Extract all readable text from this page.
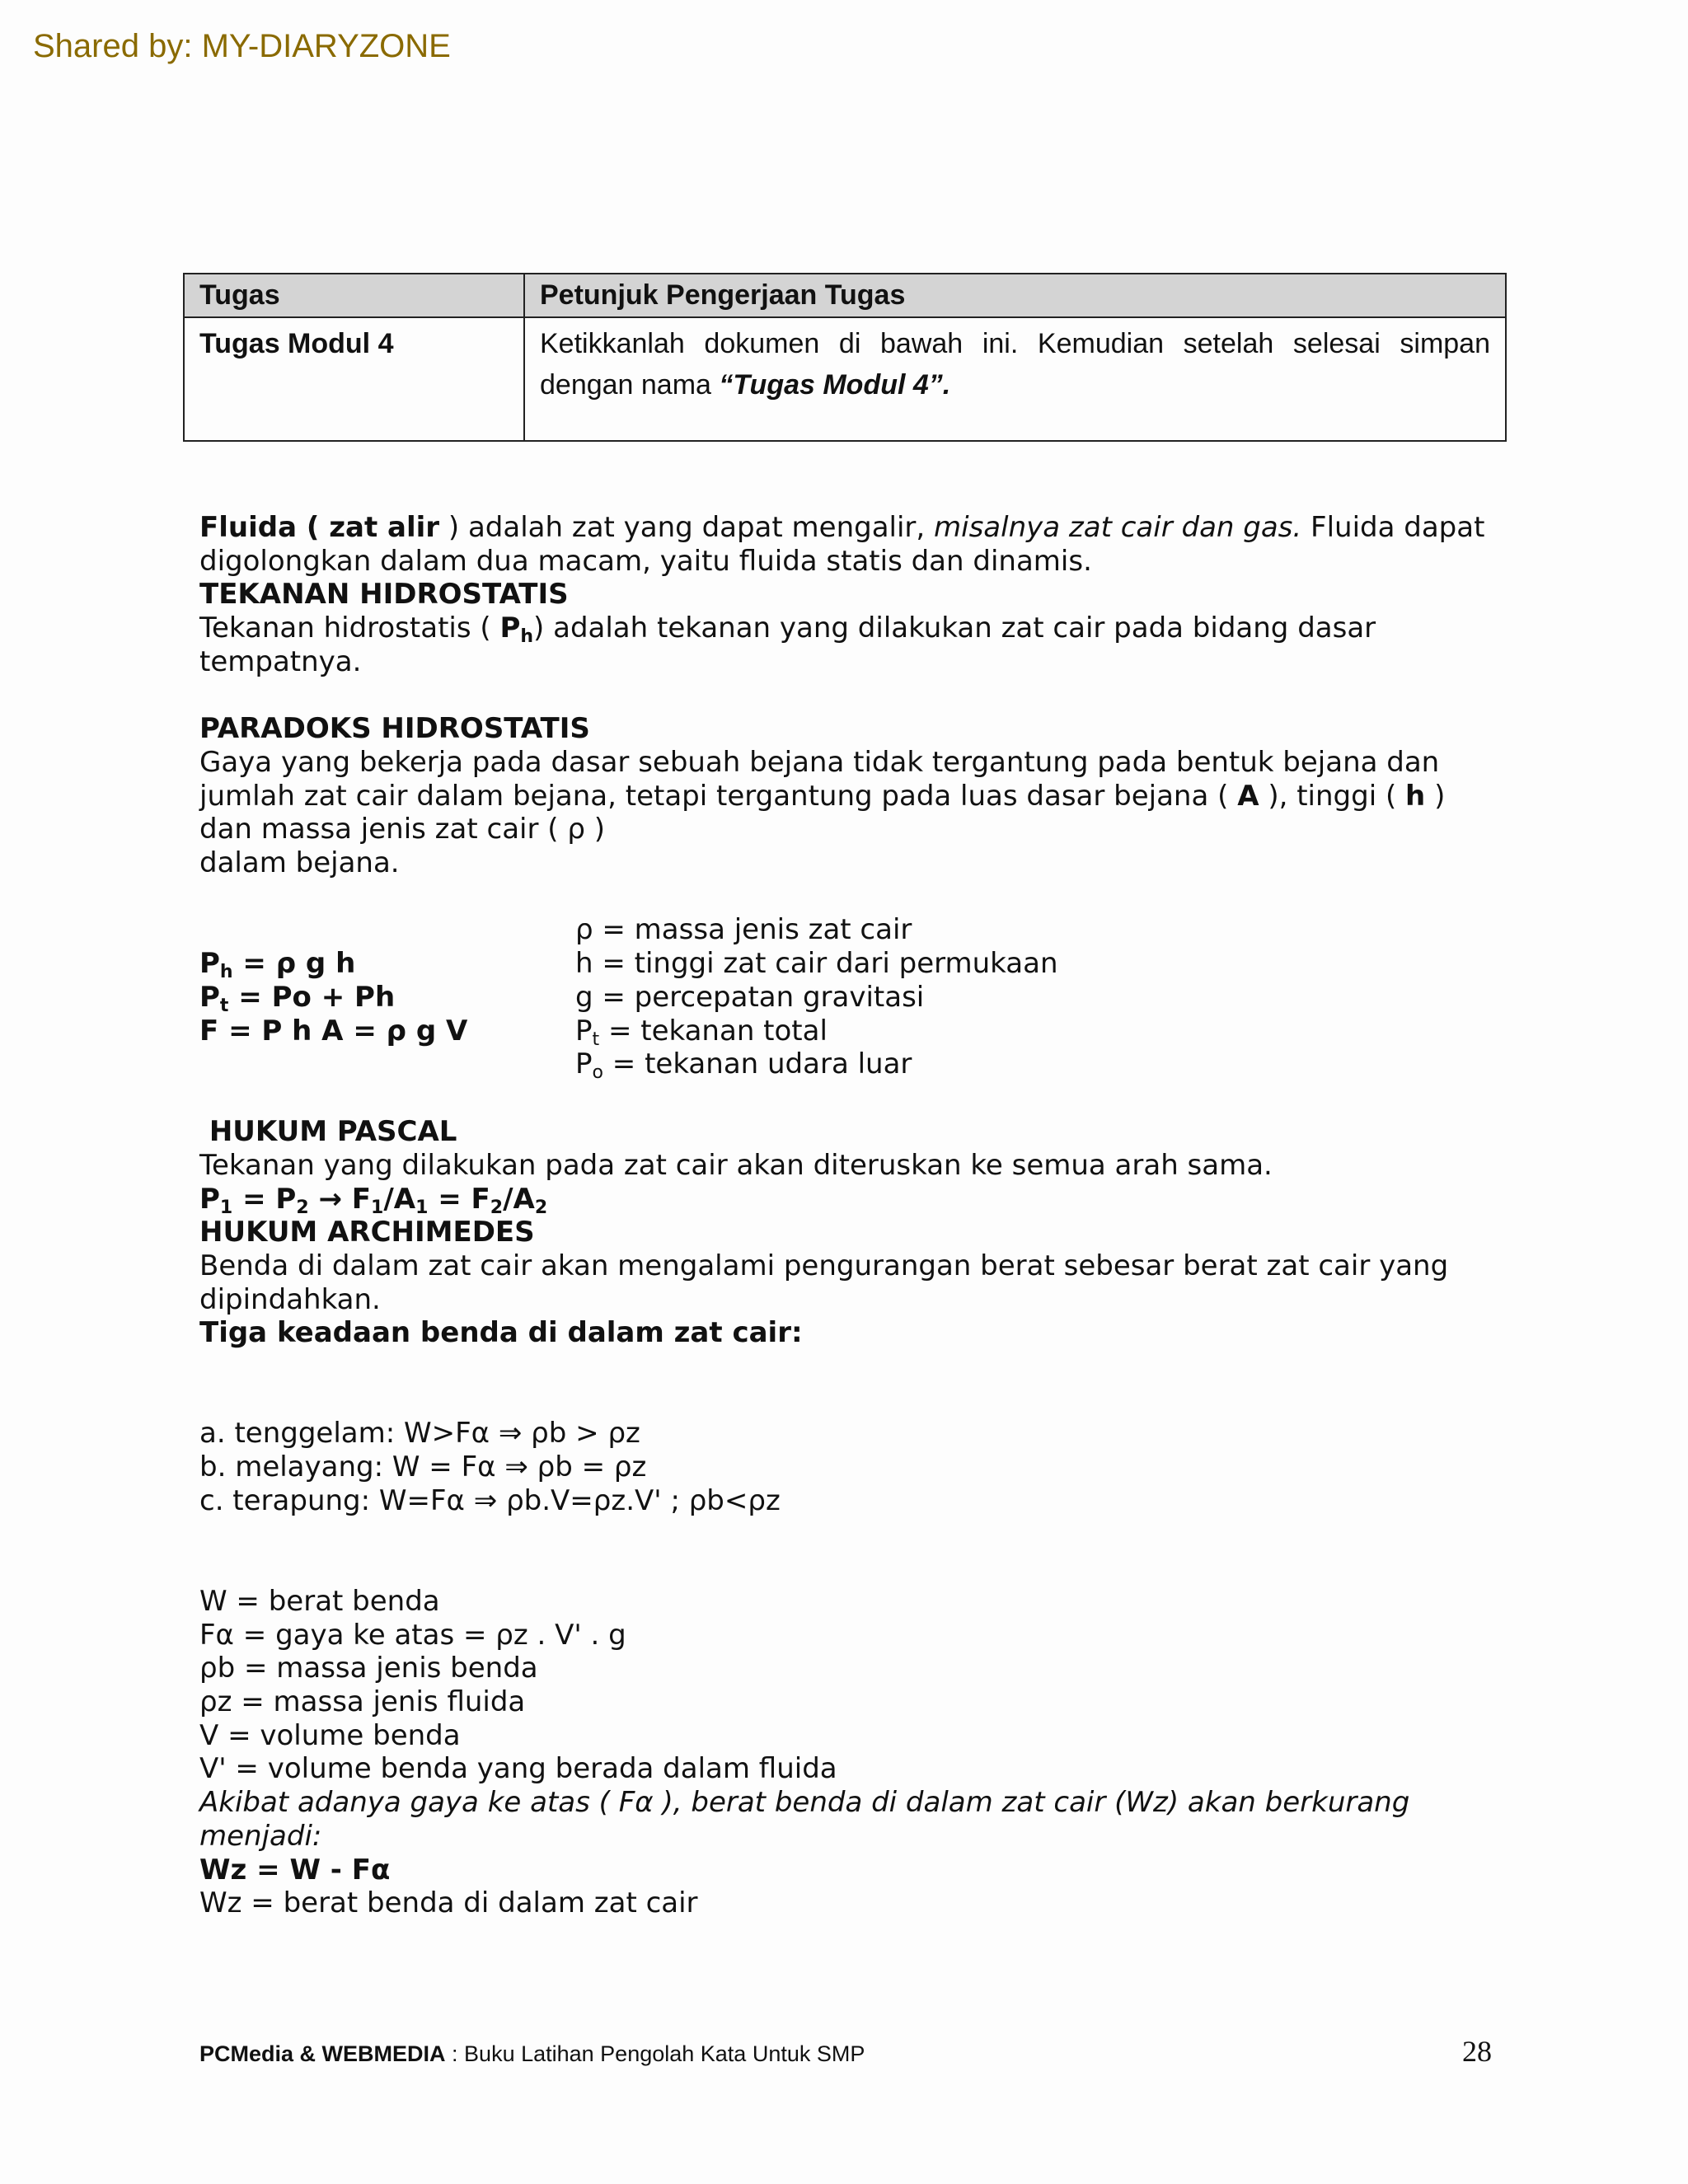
Shared by: MY-DIARYZONE
Tugas	Petunjuk Pengerjaan Tugas
Tugas Modul 4	Ketikkanlah dokumen di bawah ini. Kemudian setelah selesai simpan dengan nama “Tugas Modul 4”.

Fluida ( zat alir ) adalah zat yang dapat mengalir, misalnya zat cair dan gas. Fluida dapat digolongkan dalam dua macam, yaitu fluida statis dan dinamis.

TEKANAN HIDROSTATIS

Tekanan hidrostatis ( $P_h$) adalah tekanan yang dilakukan zat cair pada bidang dasar tempatnya.

PARADOKS HIDROSTATIS

Gaya yang bekerja pada dasar sebuah bejana tidak tergantung pada bentuk bejana dan jumlah zat cair dalam bejana, tetapi tergantung pada luas dasar bejana ( A ), tinggi ( h ) dan massa jenis zat cair ( ρ )

dalam bejana.

$P_h = \rho$ g h

$P_t = Po + Ph$

F = P h A = ρ g V

ρ = massa jenis zat cair

h = tinggi zat cair dari permukaan

g = percepatan gravitasi

$P_t$ = tekanan total

$P_o$ = tekanan udara luar

HUKUM PASCAL

Tekanan yang dilakukan pada zat cair akan diteruskan ke semua arah sama.

$P_1 = P_2 \to F_1/A_1 = F_2/A_2$

HUKUM ARCHIMEDES

Benda di dalam zat cair akan mengalami pengurangan berat sebesar berat zat cair yang dipindahkan.

Tiga keadaan benda di dalam zat cair:

a. tenggelam: W>Fα ⇒ ρb > ρz

b. melayang: W = Fα ⇒ ρb = ρz

c. terapung: W=Fα ⇒ ρb.V=ρz.V' ; ρb<ρz

W = berat benda

Fα = gaya ke atas = ρz . V' . g

ρb = massa jenis benda

ρz = massa jenis fluida

V = volume benda

V' = volume benda yang berada dalam fluida

Akibat adanya gaya ke atas ( Fα ), berat benda di dalam zat cair (Wz) akan berkurang menjadi:

Wz = W - Fα

Wz = berat benda di dalam zat cair

PCMedia & WEBMEDIA : Buku Latihan Pengolah Kata Untuk SMP	28
